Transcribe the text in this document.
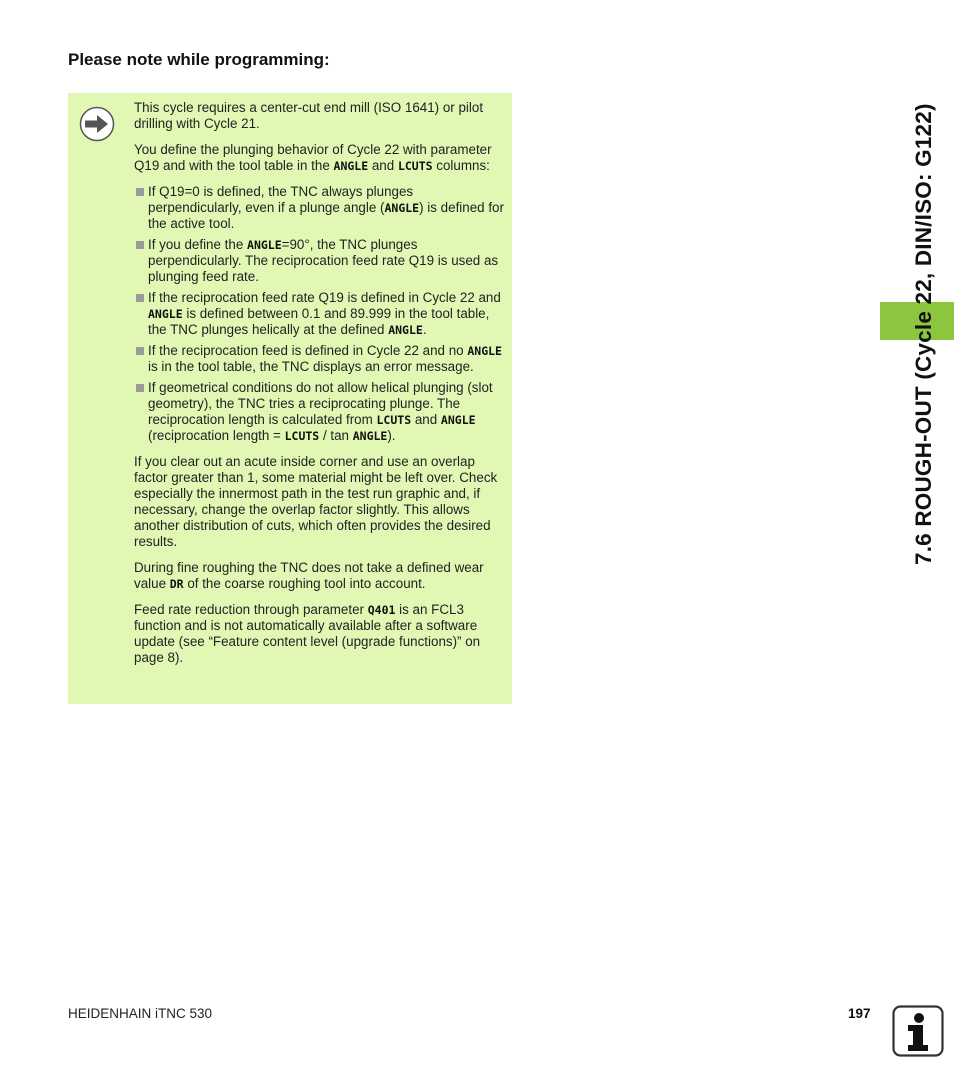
Please note while programming:

This cycle requires a center-cut end mill (ISO 1641) or pilot drilling with Cycle 21.

You define the plunging behavior of Cycle 22 with parameter Q19 and with the tool table in the ANGLE and LCUTS columns:

If Q19=0 is defined, the TNC always plunges perpendicularly, even if a plunge angle (ANGLE) is defined for the active tool.
If you define the ANGLE=90°, the TNC plunges perpendicularly. The reciprocation feed rate Q19 is used as plunging feed rate.
If the reciprocation feed rate Q19 is defined in Cycle 22 and ANGLE is defined between 0.1 and 89.999 in the tool table, the TNC plunges helically at the defined ANGLE.
If the reciprocation feed is defined in Cycle 22 and no ANGLE is in the tool table, the TNC displays an error message.
If geometrical conditions do not allow helical plunging (slot geometry), the TNC tries a reciprocating plunge. The reciprocation length is calculated from LCUTS and ANGLE (reciprocation length = LCUTS / tan ANGLE).

If you clear out an acute inside corner and use an overlap factor greater than 1, some material might be left over. Check especially the innermost path in the test run graphic and, if necessary, change the overlap factor slightly. This allows another distribution of cuts, which often provides the desired results.

During fine roughing the TNC does not take a defined wear value DR of the coarse roughing tool into account.

Feed rate reduction through parameter Q401 is an FCL3 function and is not automatically available after a software update (see “Feature content level (upgrade functions)” on page 8).

7.6 ROUGH-OUT (Cycle 22, DIN/ISO: G122)
HEIDENHAIN iTNC 530	197
